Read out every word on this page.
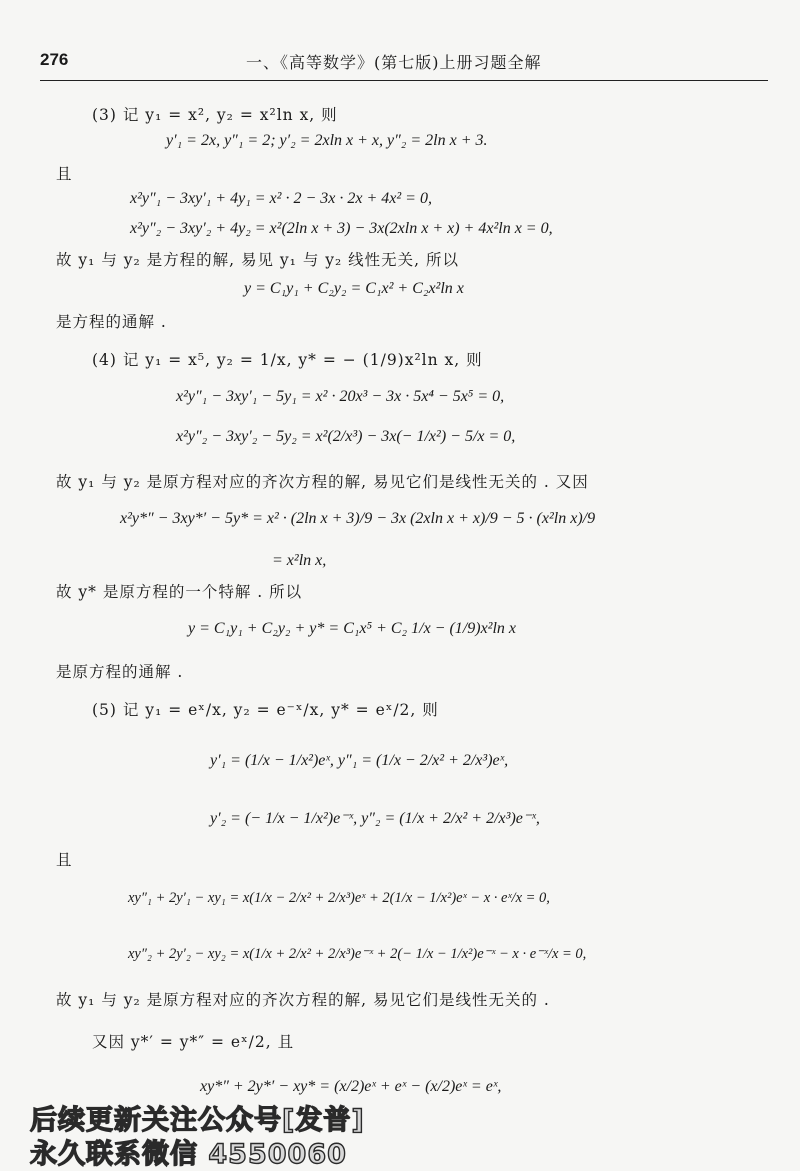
276	一、《高等数学》(第七版)上册习题全解
(3) 记 y₁ = x², y₂ = x²ln x, 则
y′₁ = 2x, y″₁ = 2; y′₂ = 2xln x + x, y″₂ = 2ln x + 3.
且
x²y″₁ − 3xy′₁ + 4y₁ = x² · 2 − 3x · 2x + 4x² = 0,
x²y″₂ − 3xy′₂ + 4y₂ = x²(2ln x + 3) − 3x(2xln x + x) + 4x²ln x = 0,
故 y₁ 与 y₂ 是方程的解, 易见 y₁ 与 y₂ 线性无关, 所以
y = C₁y₁ + C₂y₂ = C₁x² + C₂x²ln x
是方程的通解 .
(4) 记 y₁ = x⁵, y₂ = 1/x, y* = − (1/9)x²ln x, 则
x²y″₁ − 3xy′₁ − 5y₁ = x² · 20x³ − 3x · 5x⁴ − 5x⁵ = 0,
x²y″₂ − 3xy′₂ − 5y₂ = x²(2/x³) − 3x(− 1/x²) − 5/x = 0,
故 y₁ 与 y₂ 是原方程对应的齐次方程的解, 易见它们是线性无关的 . 又因
x²y*″ − 3xy*′ − 5y* = x² · (2ln x + 3)/9 − 3x (2xln x + x)/9 − 5 · (x²ln x)/9
= x²ln x,
故 y* 是原方程的一个特解 . 所以
y = C₁y₁ + C₂y₂ + y* = C₁x⁵ + C₂ 1/x − (1/9)x²ln x
是原方程的通解 .
(5) 记 y₁ = eˣ/x, y₂ = e⁻ˣ/x, y* = eˣ/2, 则
y′₁ = (1/x − 1/x²)eˣ, y″₁ = (1/x − 2/x² + 2/x³)eˣ,
y′₂ = (− 1/x − 1/x²)e⁻ˣ, y″₂ = (1/x + 2/x² + 2/x³)e⁻ˣ,
且
xy″₁ + 2y′₁ − xy₁ = x(1/x − 2/x² + 2/x³)eˣ + 2(1/x − 1/x²)eˣ − x · eˣ/x = 0,
xy″₂ + 2y′₂ − xy₂ = x(1/x + 2/x² + 2/x³)e⁻ˣ + 2(− 1/x − 1/x²)e⁻ˣ − x · e⁻ˣ/x = 0,
故 y₁ 与 y₂ 是原方程对应的齐次方程的解, 易见它们是线性无关的 .
又因 y*′ = y*″ = eˣ/2, 且
xy*″ + 2y*′ − xy* = (x/2)eˣ + eˣ − (x/2)eˣ = eˣ,
后续更新关注公众号[发普]
永久联系微信 4550060
